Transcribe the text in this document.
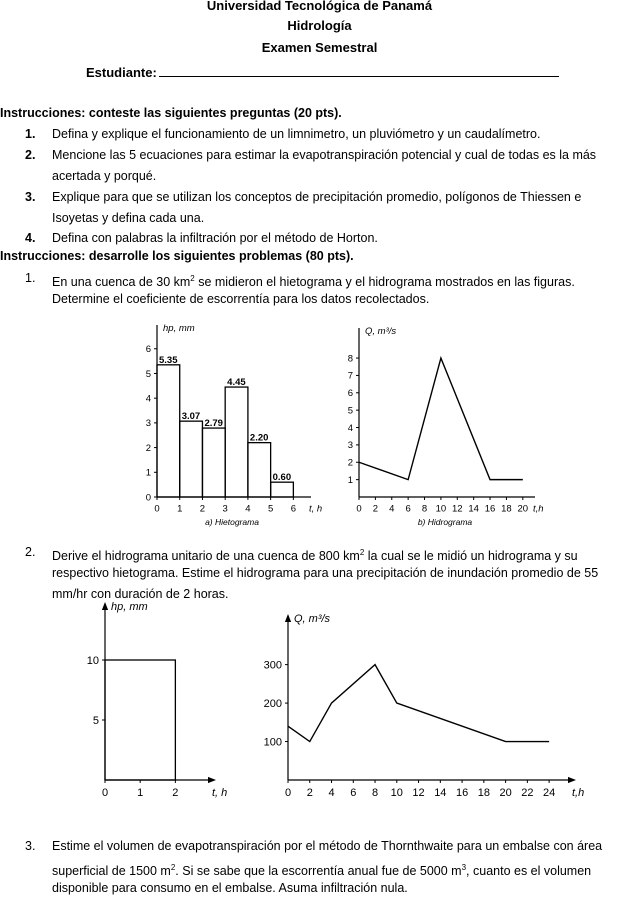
Universidad Tecnológica de Panamá
Hidrología
Examen Semestral
Estudiante:
Instrucciones: conteste las siguientes preguntas (20 pts).
1. Defina y explique el funcionamiento de un limnimetro, un pluviómetro y un caudalímetro.
2. Mencione las 5 ecuaciones para estimar la evapotranspiración potencial y cual de todas es la más
acertada y porqué.
3. Explique para que se utilizan los conceptos de precipitación promedio, polígonos de Thiessen e
Isoyetas y defina cada una.
4. Defina con palabras la infiltración por el método de Horton.
Instrucciones: desarrolle los siguientes problemas (80 pts).
1. En una cuenca de 30 $km^2$ se midieron el hietograma y el hidrograma mostrados en las figuras.
Determine el coeficiente de escorrentía para los datos recolectados.
0
1
2
3
4
5
6
0 1 2 3 4 5 6
hp, mm
t, h
a) Hietograma
5.35
3.07
2.79
4.45
2.20
0.60	1
2
3
4
5
6
7
8
0 2 4 6 8 10 12 14 16 18 20
Q, m³/s
t,h
b) Hidrograma
2. Derive el hidrograma unitario de una cuenca de 800 $km^2$ la cual se le midió un hidrograma y su
respectivo hietograma. Estime el hidrograma para una precipitación de inundación promedio de 55
mm/hr con duración de 2 horas.
5
10
0	1	2
hp, mm
t, h
100
200
300
0 2 4 6 8 10 12 14 16 18 20 22 24
Q, m³/s
t,h
3. Estime el volumen de evapotranspiración por el método de Thornthwaite para un embalse con área
superficial de 1500 $m^2$. Si se sabe que la escorrentía anual fue de 5000 $m^3$, cuanto es el volumen
disponible para consumo en el embalse. Asuma infiltración nula.
